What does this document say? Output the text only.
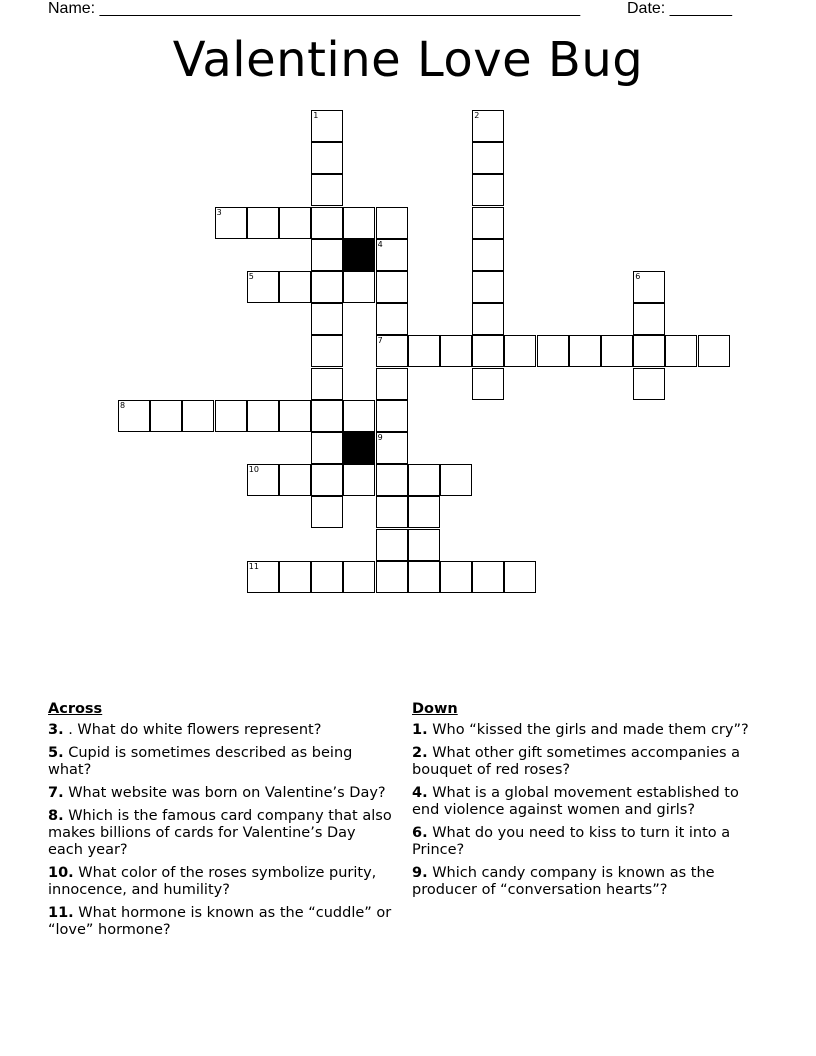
Name: ______________________________________________________	Date: _______
Valentine Love Bug
1	2
3
4
7
9
5	6
8
11
10
Across
3. . What do white flowers represent?
5. Cupid is sometimes described as being what?
7. What website was born on Valentine’s Day?
8. Which is the famous card company that also makes billions of cards for Valentine’s Day each year?
10. What color of the roses symbolize purity, innocence, and humility?
11. What hormone is known as the “cuddle” or “love” hormone?
Down
1. Who “kissed the girls and made them cry”?
2. What other gift sometimes accompanies a bouquet of red roses?
4. What is a global movement established to end violence against women and girls?
6. What do you need to kiss to turn it into a Prince?
9. Which candy company is known as the producer of “conversation hearts”?
